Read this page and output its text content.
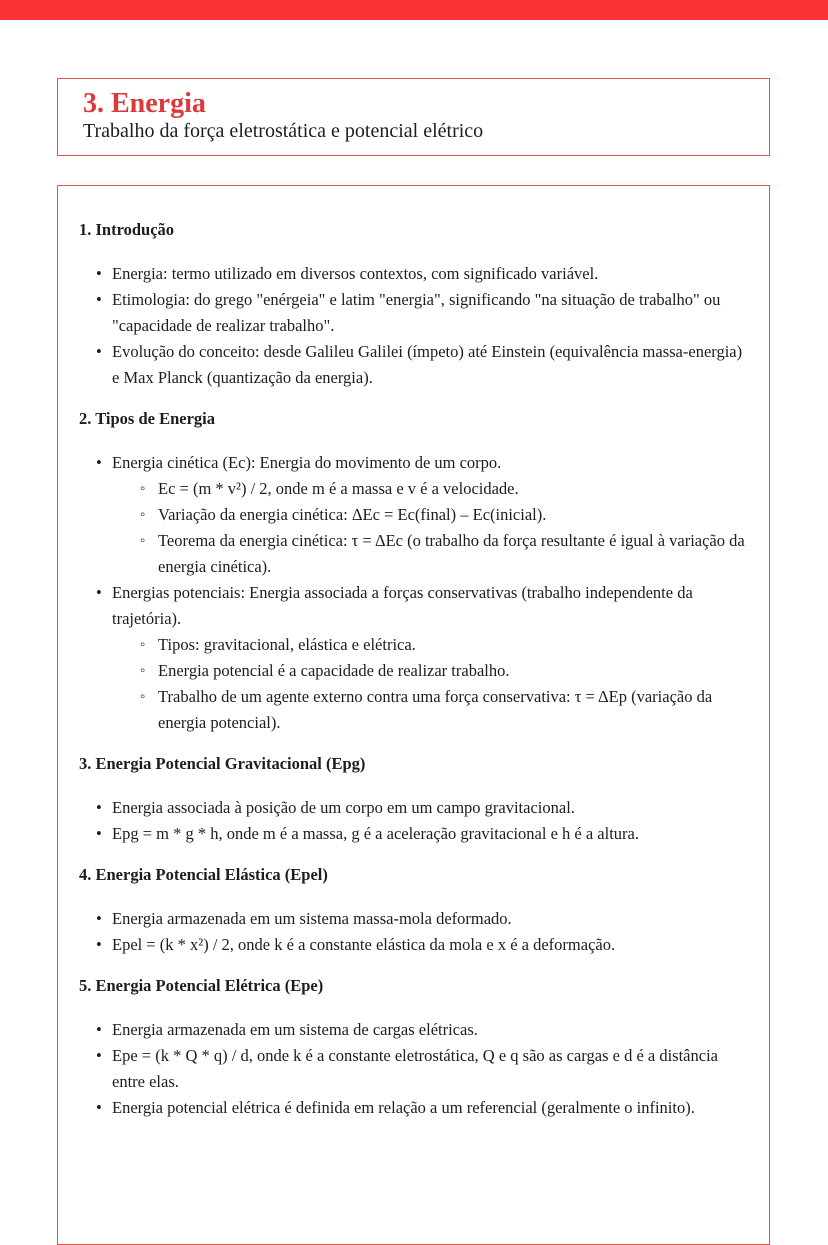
3. Energia
Trabalho da força eletrostática e potencial elétrico
1. Introdução
• Energia: termo utilizado em diversos contextos, com significado variável.
• Etimologia: do grego "enérgeia" e latim "energia", significando "na situação de trabalho" ou "capacidade de realizar trabalho".
• Evolução do conceito: desde Galileu Galilei (ímpeto) até Einstein (equivalência massa-energia) e Max Planck (quantização da energia).
2. Tipos de Energia
• Energia cinética (Ec): Energia do movimento de um corpo.
◦ Ec = (m * v²) / 2, onde m é a massa e v é a velocidade.
◦ Variação da energia cinética: ΔEc = Ec(final) – Ec(inicial).
◦ Teorema da energia cinética: τ = ΔEc (o trabalho da força resultante é igual à variação da energia cinética).
• Energias potenciais: Energia associada a forças conservativas (trabalho independente da trajetória).
◦ Tipos: gravitacional, elástica e elétrica.
◦ Energia potencial é a capacidade de realizar trabalho.
◦ Trabalho de um agente externo contra uma força conservativa: τ = ΔEp (variação da energia potencial).
3. Energia Potencial Gravitacional (Epg)
• Energia associada à posição de um corpo em um campo gravitacional.
• Epg = m * g * h, onde m é a massa, g é a aceleração gravitacional e h é a altura.
4. Energia Potencial Elástica (Epel)
• Energia armazenada em um sistema massa-mola deformado.
• Epel = (k * x²) / 2, onde k é a constante elástica da mola e x é a deformação.
5. Energia Potencial Elétrica (Epe)
• Energia armazenada em um sistema de cargas elétricas.
• Epe = (k * Q * q) / d, onde k é a constante eletrostática, Q e q são as cargas e d é a distância entre elas.
• Energia potencial elétrica é definida em relação a um referencial (geralmente o infinito).
